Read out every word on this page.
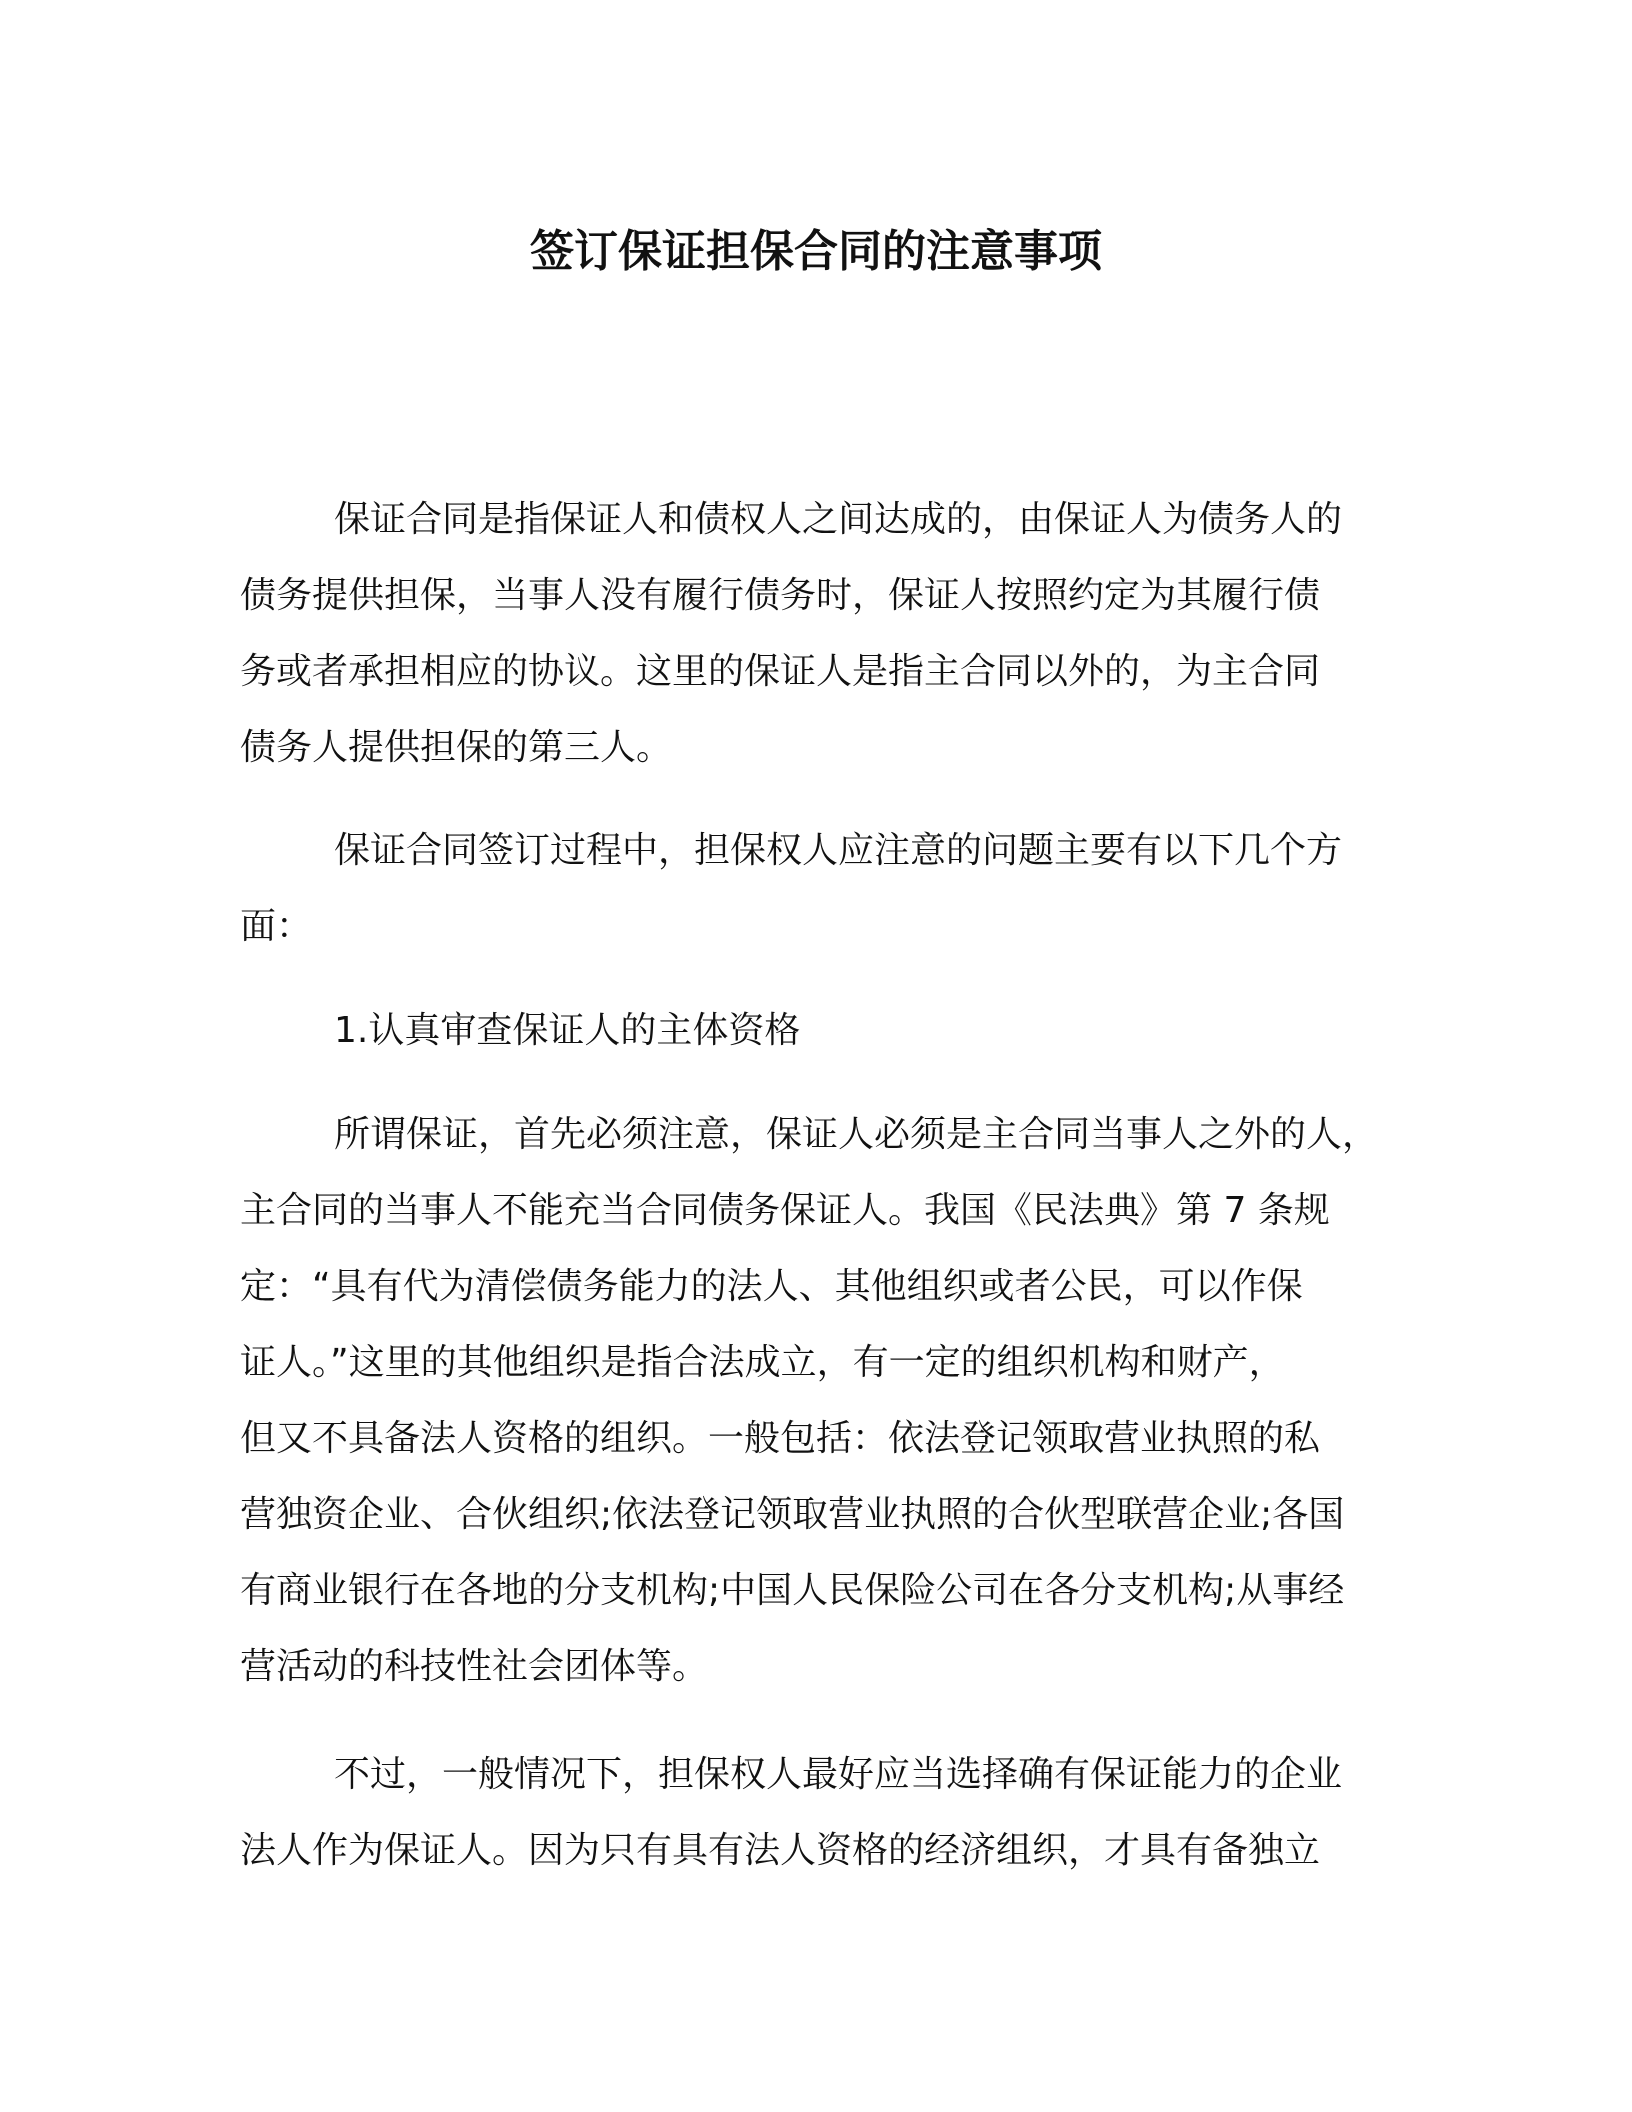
签订保证担保合同的注意事项
保证合同是指保证人和债权人之间达成的，由保证人为债务人的
债务提供担保，当事人没有履行债务时，保证人按照约定为其履行债
务或者承担相应的协议。这里的保证人是指主合同以外的，为主合同
债务人提供担保的第三人。
保证合同签订过程中，担保权人应注意的问题主要有以下几个方
面：
1.认真审查保证人的主体资格
所谓保证，首先必须注意，保证人必须是主合同当事人之外的人，
主合同的当事人不能充当合同债务保证人。我国《民法典》第 7 条规
定：“具有代为清偿债务能力的法人、其他组织或者公民，可以作保
证人。”这里的其他组织是指合法成立，有一定的组织机构和财产，
但又不具备法人资格的组织。一般包括：依法登记领取营业执照的私
营独资企业、合伙组织;依法登记领取营业执照的合伙型联营企业;各国
有商业银行在各地的分支机构;中国人民保险公司在各分支机构;从事经
营活动的科技性社会团体等。
不过，一般情况下，担保权人最好应当选择确有保证能力的企业
法人作为保证人。因为只有具有法人资格的经济组织，才具有备独立
